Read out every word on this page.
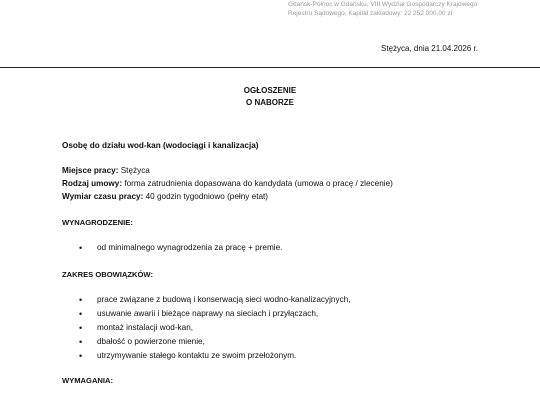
Gdańsk-Północ w Gdańsku, VIII Wydział Gospodarczy Krajowego
Rejestru Sądowego, Kapitał zakładowy: 22 252 000,00 zł
Stężyca, dnia 21.04.2026 r.
OGŁOSZENIE
O NABORZE
Osobę do działu wod-kan (wodociągi i kanalizacja)
Miejsce pracy: Stężyca
Rodzaj umowy: forma zatrudnienia dopasowana do kandydata (umowa o pracę / zlecenie)
Wymiar czasu pracy: 40 godzin tygodniowo (pełny etat)
WYNAGRODZENIE:
• od minimalnego wynagrodzenia za pracę + premie.
ZAKRES OBOWIĄZKÓW:
• prace związane z budową i konserwacją sieci wodno-kanalizacyjnych,
• usuwanie awarii i bieżące naprawy na sieciach i przyłączach,
• montaż instalacji wod-kan,
• dbałość o powierzone mienie,
• utrzymywanie stałego kontaktu ze swoim przełożonym.
WYMAGANIA:
